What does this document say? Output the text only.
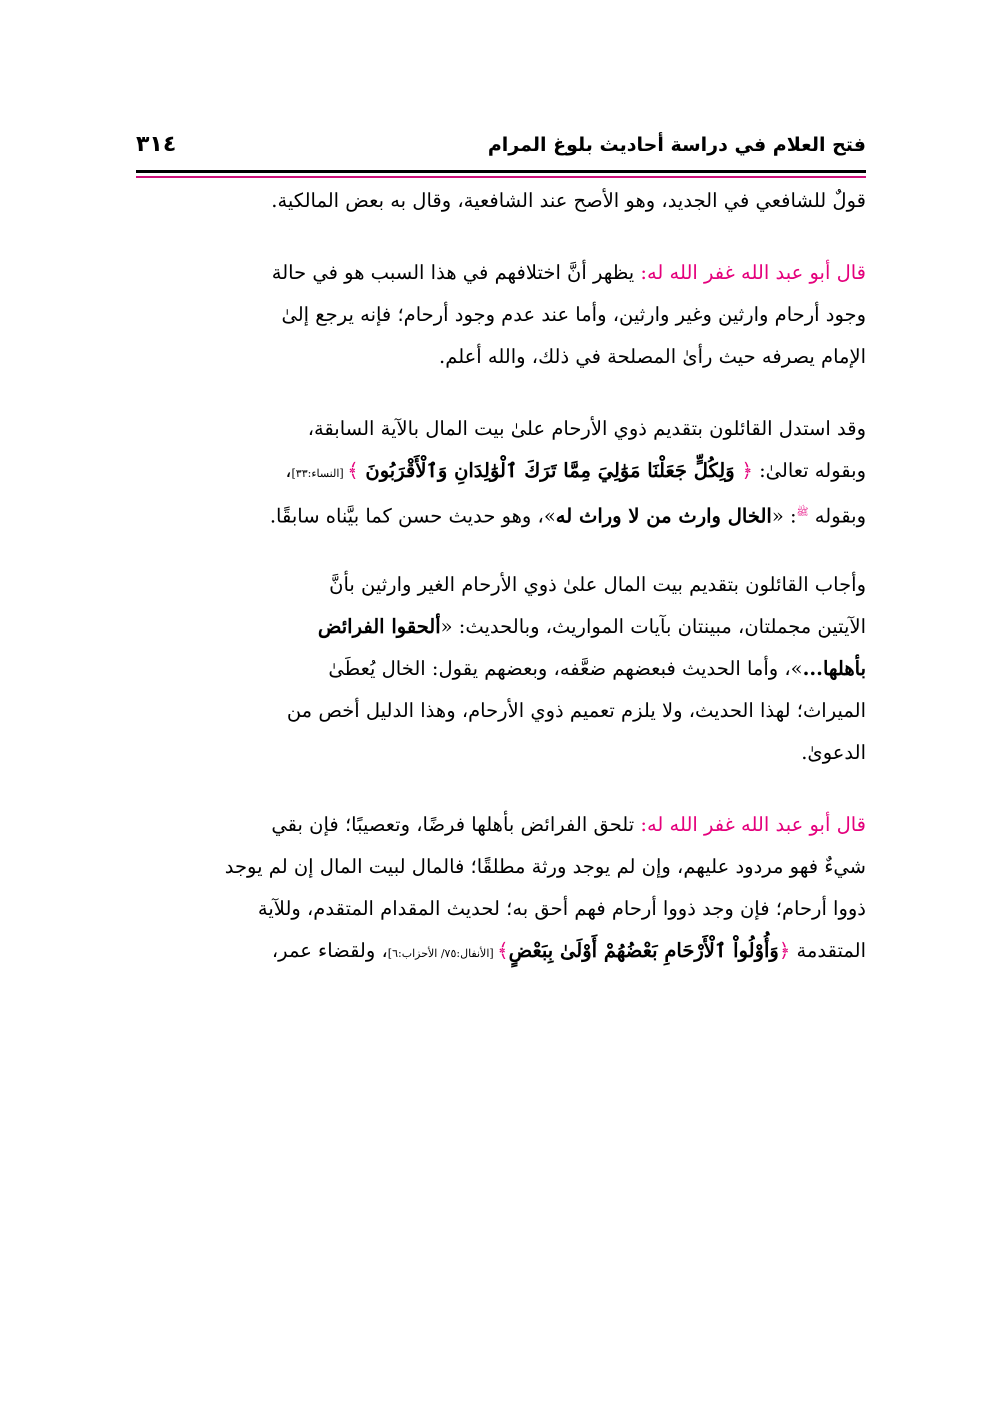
فتح العلام في دراسة أحاديث بلوغ المرام
٣١٤
قولٌ للشافعي في الجديد، وهو الأصح عند الشافعية، وقال به بعض المالكية.
قال أبو عبد الله غفر الله له: يظهر أنَّ اختلافهم في هذا السبب هو في حالة
وجود أرحام وارثين وغير وارثين، وأما عند عدم وجود أرحام؛ فإنه يرجع إلىٰ
الإمام يصرفه حيث رأىٰ المصلحة في ذلك، والله أعلم.
وقد استدل القائلون بتقديم ذوي الأرحام علىٰ بيت المال بالآية السابقة،
وبقوله تعالىٰ: ﴿ وَلِكُلٍّ جَعَلْنَا مَوَٰلِيَ مِمَّا تَرَكَ ٱلْوَٰلِدَانِ وَٱلْأَقْرَبُونَ ﴾ [النساء:٣٣]،
وبقوله $^ﷺ$: «الخال وارث من لا وراث له»، وهو حديث حسن كما بيَّناه سابقًا.
وأجاب القائلون بتقديم بيت المال علىٰ ذوي الأرحام الغير وارثين بأنَّ
الآيتين مجملتان، مبينتان بآيات المواريث، وبالحديث: «ألحقوا الفرائض
بأهلها...»، وأما الحديث فبعضهم ضعَّفه، وبعضهم يقول: الخال يُعطَىٰ
الميراث؛ لهذا الحديث، ولا يلزم تعميم ذوي الأرحام، وهذا الدليل أخص من
الدعوىٰ.
قال أبو عبد الله غفر الله له: تلحق الفرائض بأهلها فرضًا، وتعصيبًا؛ فإن بقي
شيءٌ فهو مردود عليهم، وإن لم يوجد ورثة مطلقًا؛ فالمال لبيت المال إن لم يوجد
ذووا أرحام؛ فإن وجد ذووا أرحام فهم أحق به؛ لحديث المقدام المتقدم، وللآية
المتقدمة ﴿وَأُوْلُواْ ٱلْأَرْحَامِ بَعْضُهُمْ أَوْلَىٰ بِبَعْضٍ﴾ [الأنفال:٧٥/ الأحزاب:٦]، ولقضاء عمر،
